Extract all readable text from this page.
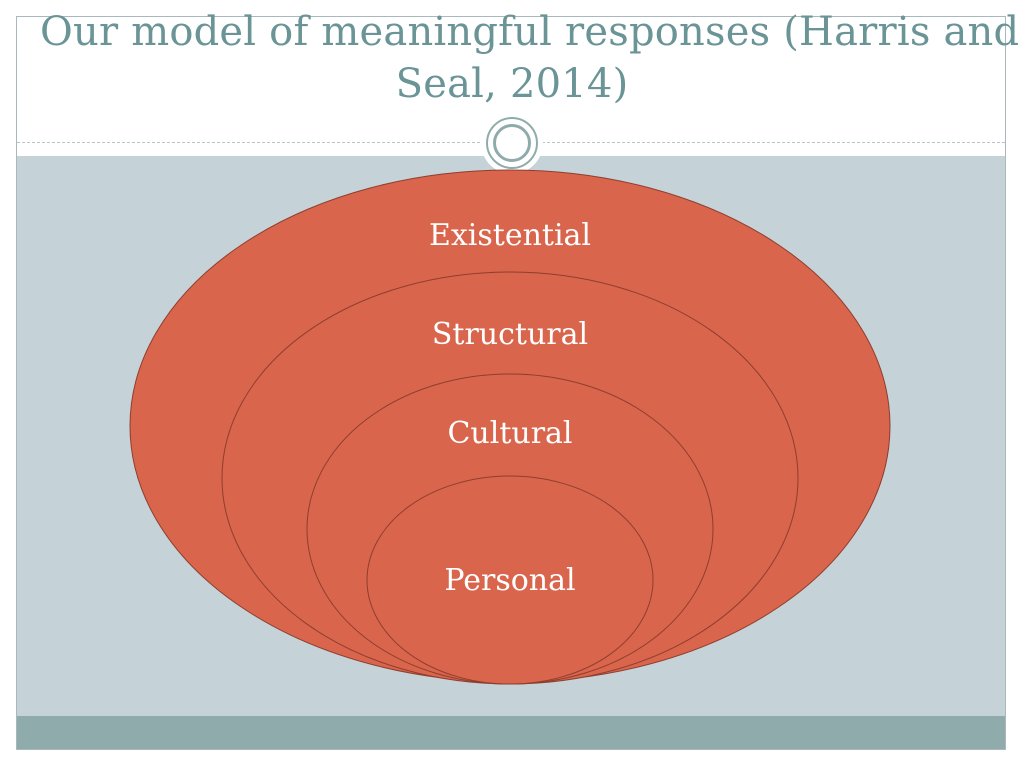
Our model of meaningful responses (Harris and
Seal, 2014)
Existential
Structural
Cultural
Personal
